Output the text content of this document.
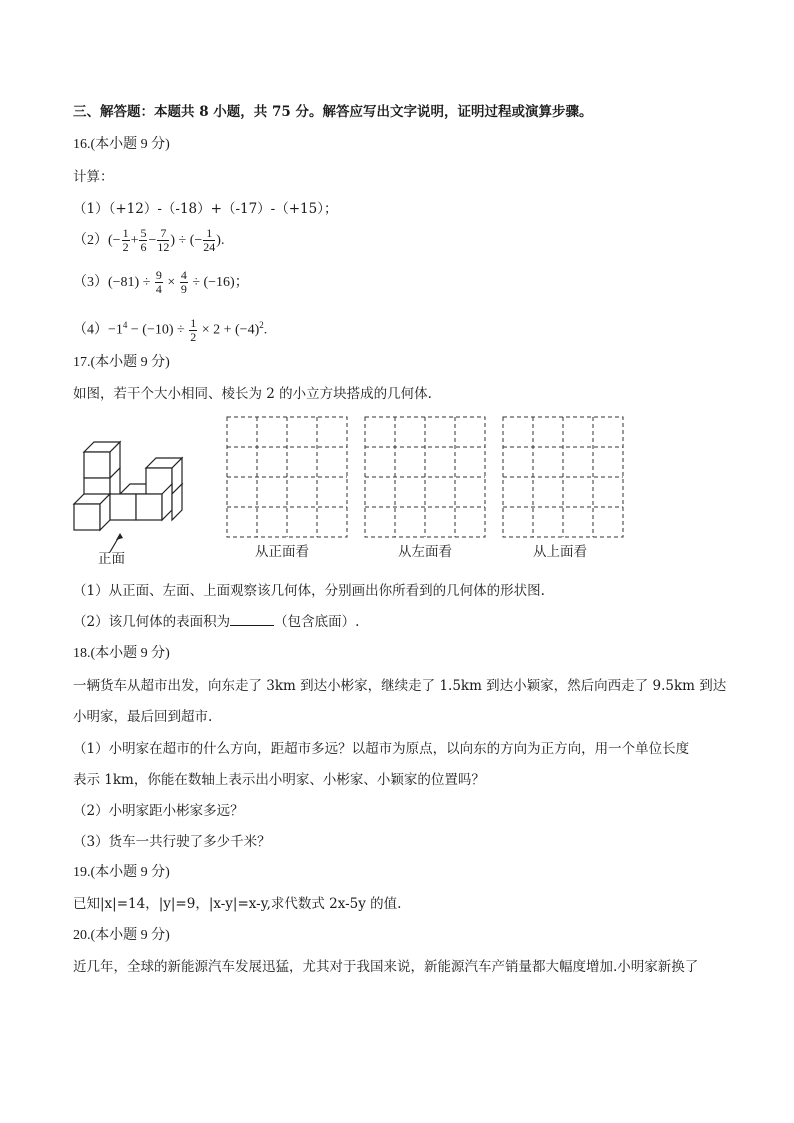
三、解答题：本题共 8 小题，共 75 分。解答应写出文字说明，证明过程或演算步骤。
16.(本小题 9 分)
计算：
（1）（+12）-（-18）+（-17）-（+15）；
$(2)(- \frac{1}{2} + \frac{5}{6} - \frac{7}{12}$ ) ÷ (− $\frac{1}{24}$ ).
$(3)(-81) \div \frac{9}{4} \times \frac{4}{9} \div (-16)$；
$(4)-1^4 - (-10) \div \frac{1}{2} \times 2 + (-4)^2$.
17.(本小题 9 分)
如图，若干个大小相同、棱长为 2 的小立方块搭成的几何体.
正面	从正面看	从左面看	从上面看
（1）从正面、左面、上面观察该几何体，分别画出你所看到的几何体的形状图.
（2）该几何体的表面积为	（包含底面）.
18.(本小题 9 分)
一辆货车从超市出发，向东走了 3km 到达小彬家，继续走了 1.5km 到达小颖家，然后向西走了 9.5km 到达
小明家，最后回到超市.
（1）小明家在超市的什么方向，距超市多远？以超市为原点，以向东的方向为正方向，用一个单位长度
表示 1km，你能在数轴上表示出小明家、小彬家、小颖家的位置吗？
（2）小明家距小彬家多远？
（3）货车一共行驶了多少千米？
19.(本小题 9 分)
已知|x|=14，|y|=9，|x-y|=x-y,求代数式 2x-5y 的值.
20.(本小题 9 分)
近几年，全球的新能源汽车发展迅猛，尤其对于我国来说，新能源汽车产销量都大幅度增加.小明家新换了
